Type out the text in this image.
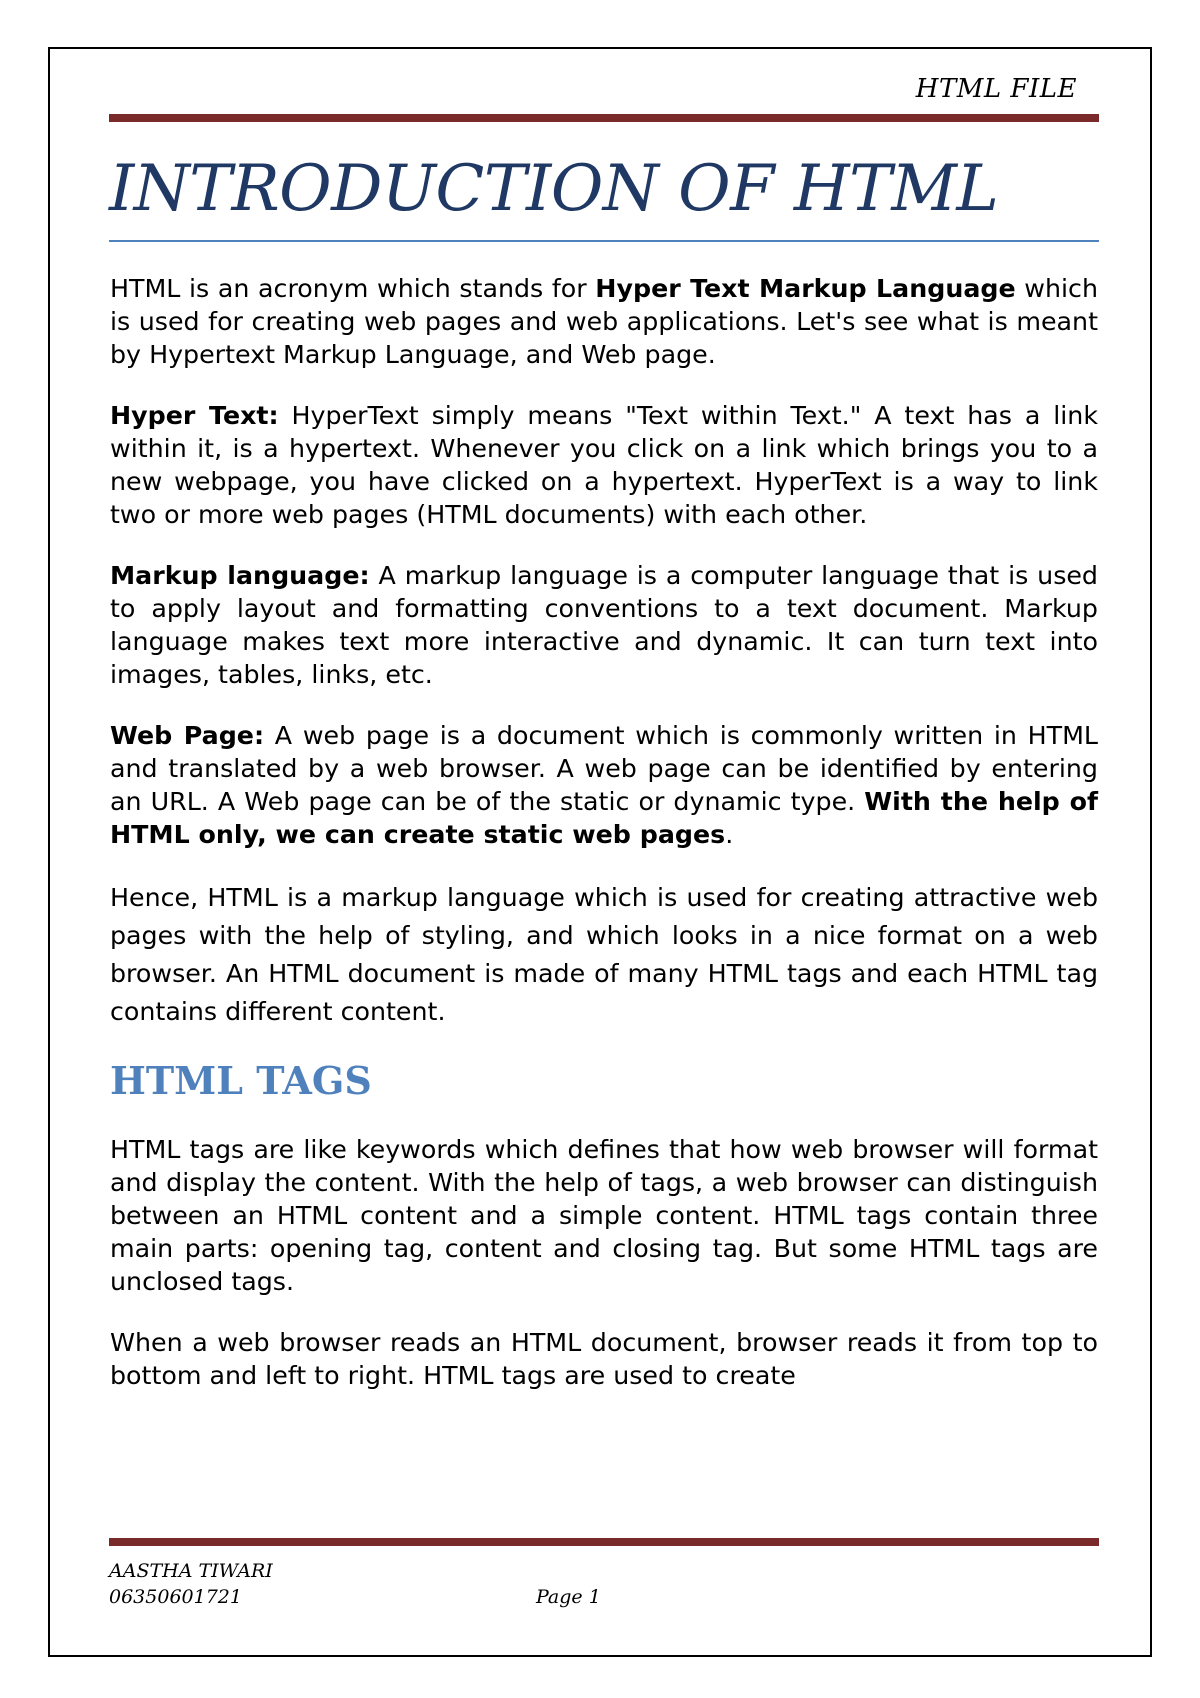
HTML FILE
INTRODUCTION OF HTML

HTML is an acronym which stands for Hyper Text Markup Language which is used for creating web pages and web applications. Let's see what is meant by Hypertext Markup Language, and Web page.

Hyper Text: HyperText simply means "Text within Text." A text has a link within it, is a hypertext. Whenever you click on a link which brings you to a new webpage, you have clicked on a hypertext. HyperText is a way to link two or more web pages (HTML documents) with each other.

Markup language: A markup language is a computer language that is used to apply layout and formatting conventions to a text document. Markup language makes text more interactive and dynamic. It can turn text into images, tables, links, etc.

Web Page: A web page is a document which is commonly written in HTML and translated by a web browser. A web page can be identified by entering an URL. A Web page can be of the static or dynamic type. With the help of HTML only, we can create static web pages.

Hence, HTML is a markup language which is used for creating attractive web pages with the help of styling, and which looks in a nice format on a web browser. An HTML document is made of many HTML tags and each HTML tag contains different content.

HTML TAGS

HTML tags are like keywords which defines that how web browser will format and display the content. With the help of tags, a web browser can distinguish between an HTML content and a simple content. HTML tags contain three main parts: opening tag, content and closing tag. But some HTML tags are unclosed tags.

When a web browser reads an HTML document, browser reads it from top to bottom and left to right. HTML tags are used to create

AASTHA TIWARI
06350601721	Page 1
